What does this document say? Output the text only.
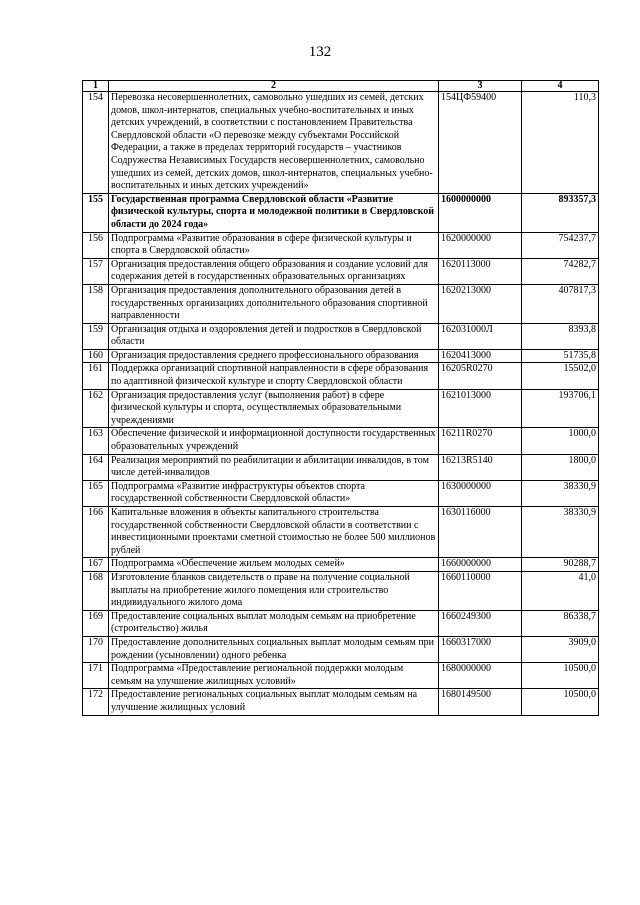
132
1	2	3	4
154	Перевозка несовершеннолетних, самовольно ушедших из семей, детских домов, школ-интернатов, специальных учебно-воспитательных и иных детских учреждений, в соответствии с постановлением Правительства Свердловской области «О перевозке между субъектами Российской Федерации, а также в пределах территорий государств – участников Содружества Независимых Государств несовершеннолетних, самовольно ушедших из семей, детских домов, школ-интернатов, специальных учебно-воспитательных и иных детских учреждений»	154ЦФ59400	110,3
155	Государственная программа Свердловской области «Развитие физической культуры, спорта и молодежной политики в Свердловской области до 2024 года»	1600000000	893357,3
156	Подпрограмма «Развитие образования в сфере физической культуры и спорта в Свердловской области»	1620000000	754237,7
157	Организация предоставления общего образования и создание условий для содержания детей в государственных образовательных организациях	1620113000	74282,7
158	Организация предоставления дополнительного образования детей в государственных организациях дополнительного образования спортивной направленности	1620213000	407817,3
159	Организация отдыха и оздоровления детей и подростков в Свердловской области	162031000Л	8393,8
160	Организация предоставления среднего профессионального образования	1620413000	51735,8
161	Поддержка организаций спортивной направленности в сфере образования по адаптивной физической культуре и спорту Свердловской области	16205R0270	15502,0
162	Организация предоставления услуг (выполнения работ) в сфере физической культуры и спорта, осуществляемых образовательными учреждениями	1621013000	193706,1
163	Обеспечение физической и информационной доступности государственных образовательных учреждений	16211R0270	1000,0
164	Реализация мероприятий по реабилитации и абилитации инвалидов, в том числе детей-инвалидов	16213R5140	1800,0
165	Подпрограмма «Развитие инфраструктуры объектов спорта государственной собственности Свердловской области»	1630000000	38330,9
166	Капитальные вложения в объекты капитального строительства государственной собственности Свердловской области в соответствии с инвестиционными проектами сметной стоимостью не более 500 миллионов рублей	1630116000	38330,9
167	Подпрограмма «Обеспечение жильем молодых семей»	1660000000	90288,7
168	Изготовление бланков свидетельств о праве на получение социальной выплаты на приобретение жилого помещения или строительство индивидуального жилого дома	1660110000	41,0
169	Предоставление социальных выплат молодым семьям на приобретение (строительство) жилья	1660249300	86338,7
170	Предоставление дополнительных социальных выплат молодым семьям при рождении (усыновлении) одного ребенка	1660317000	3909,0
171	Подпрограмма «Предоставление региональной поддержки молодым семьям на улучшение жилищных условий»	1680000000	10500,0
172	Предоставление региональных социальных выплат молодым семьям на улучшение жилищных условий	1680149500	10500,0
